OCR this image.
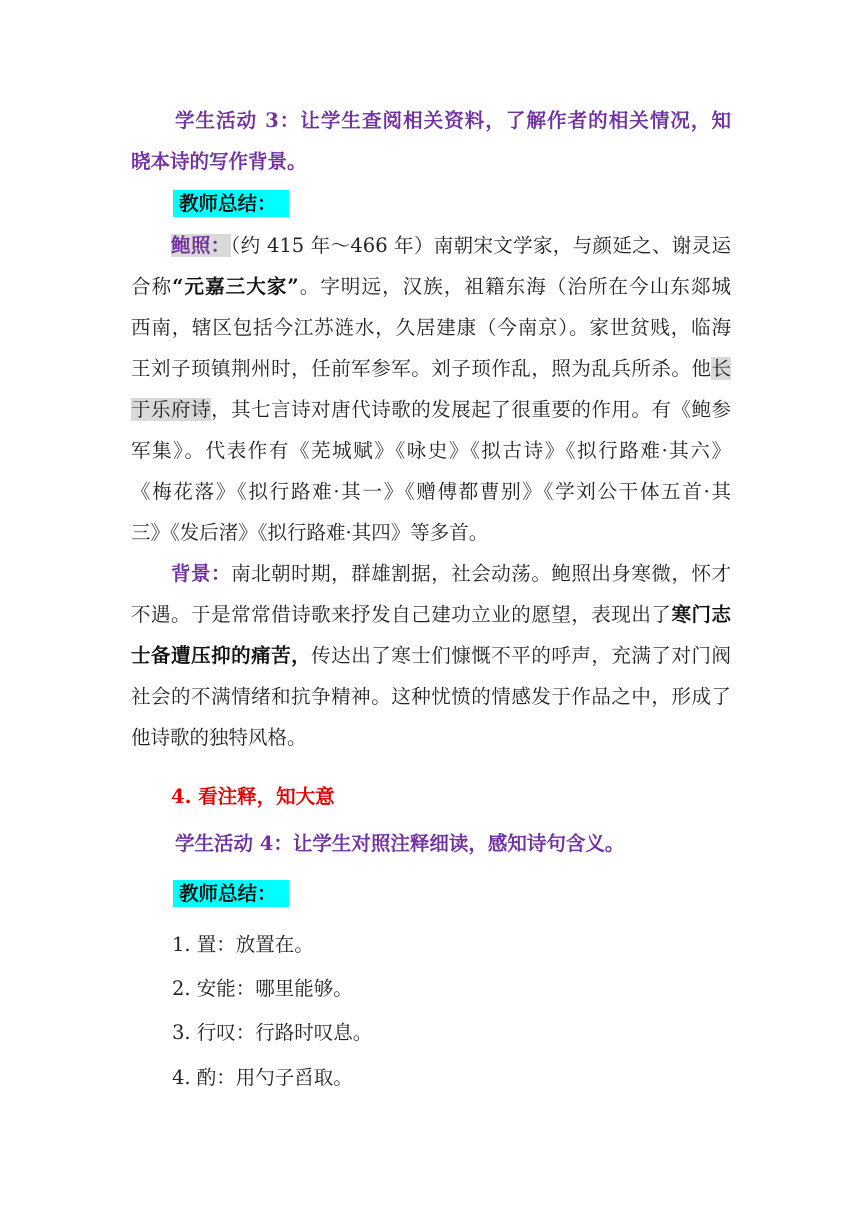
学生活动 3：让学生查阅相关资料，了解作者的相关情况，知
晓本诗的写作背景。
教师总结：
鲍照：（约 415 年～466 年）南朝宋文学家，与颜延之、谢灵运
合称“元嘉三大家”。字明远，汉族，祖籍东海（治所在今山东郯城
西南，辖区包括今江苏涟水，久居建康（今南京）。家世贫贱，临海
王刘子顼镇荆州时，任前军参军。刘子顼作乱，照为乱兵所杀。他长
于乐府诗，其七言诗对唐代诗歌的发展起了很重要的作用。有《鲍参
军集》。代表作有《芜城赋》《咏史》《拟古诗》《拟行路难·其六》
《梅花落》《拟行路难·其一》《赠傅都曹别》《学刘公干体五首·其
三》《发后渚》《拟行路难·其四》等多首。
背景：南北朝时期，群雄割据，社会动荡。鲍照出身寒微，怀才
不遇。于是常常借诗歌来抒发自己建功立业的愿望，表现出了寒门志
士备遭压抑的痛苦，传达出了寒士们慷慨不平的呼声，充满了对门阀
社会的不满情绪和抗争精神。这种忧愤的情感发于作品之中，形成了
他诗歌的独特风格。
4. 看注释，知大意
学生活动 4：让学生对照注释细读，感知诗句含义。
教师总结：
1. 置：放置在。
2. 安能：哪里能够。
3. 行叹：行路时叹息。
4. 酌：用勺子舀取。
